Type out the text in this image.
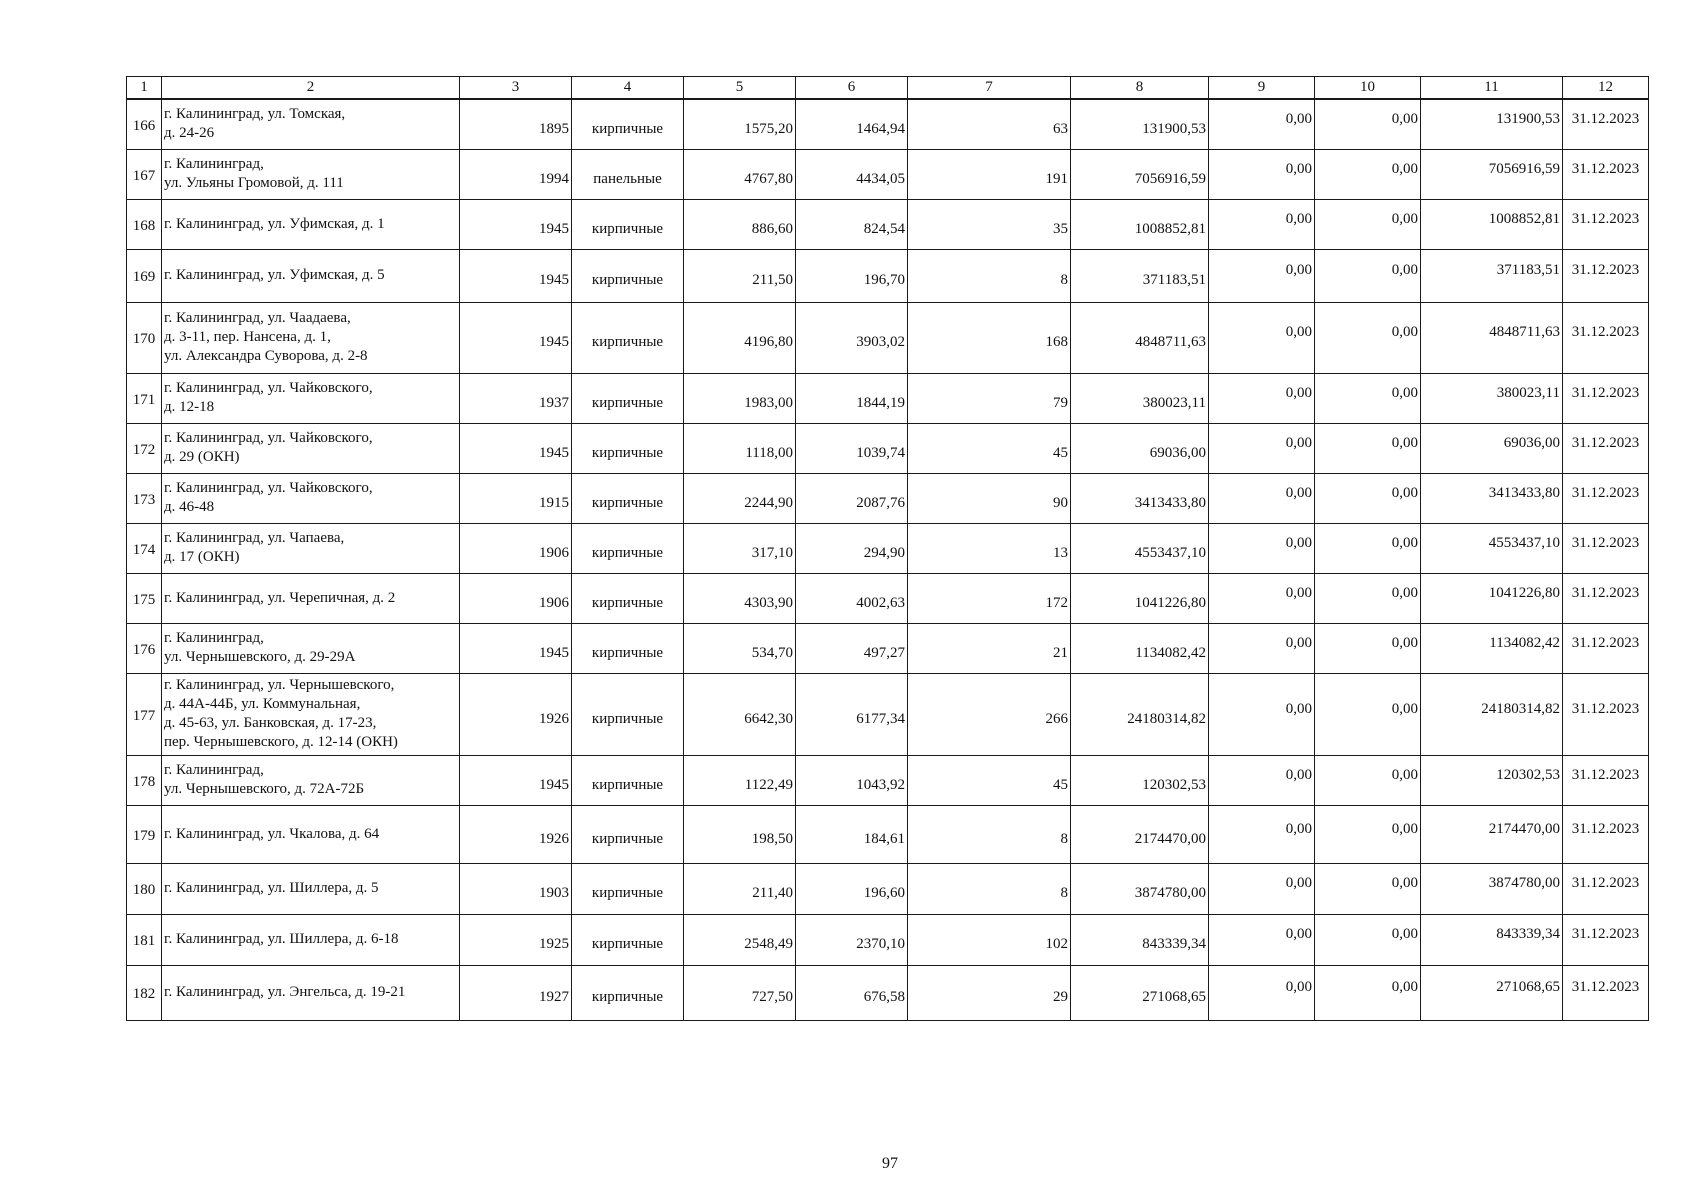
1	2	3	4	5	6	7	8	9	10	11	12
166	г. Калининград, ул. Томская,
д. 24-26	1895	кирпичные	1575,20	1464,94	63	131900,53	0,00	0,00	131900,53	31.12.2023
167	г. Калининград,
ул. Ульяны Громовой, д. 111	1994	панельные	4767,80	4434,05	191	7056916,59	0,00	0,00	7056916,59	31.12.2023
168	г. Калининград, ул. Уфимская, д. 1	1945	кирпичные	886,60	824,54	35	1008852,81	0,00	0,00	1008852,81	31.12.2023
169	г. Калининград, ул. Уфимская, д. 5	1945	кирпичные	211,50	196,70	8	371183,51	0,00	0,00	371183,51	31.12.2023
170	г. Калининград, ул. Чаадаева,
д. 3-11, пер. Нансена, д. 1,
ул. Александра Суворова, д. 2-8	1945	кирпичные	4196,80	3903,02	168	4848711,63	0,00	0,00	4848711,63	31.12.2023
171	г. Калининград, ул. Чайковского,
д. 12-18	1937	кирпичные	1983,00	1844,19	79	380023,11	0,00	0,00	380023,11	31.12.2023
172	г. Калининград, ул. Чайковского,
д. 29 (ОКН)	1945	кирпичные	1118,00	1039,74	45	69036,00	0,00	0,00	69036,00	31.12.2023
173	г. Калининград, ул. Чайковского,
д. 46-48	1915	кирпичные	2244,90	2087,76	90	3413433,80	0,00	0,00	3413433,80	31.12.2023
174	г. Калининград, ул. Чапаева,
д. 17 (ОКН)	1906	кирпичные	317,10	294,90	13	4553437,10	0,00	0,00	4553437,10	31.12.2023
175	г. Калининград, ул. Черепичная, д. 2	1906	кирпичные	4303,90	4002,63	172	1041226,80	0,00	0,00	1041226,80	31.12.2023
176	г. Калининград,
ул. Чернышевского, д. 29-29А	1945	кирпичные	534,70	497,27	21	1134082,42	0,00	0,00	1134082,42	31.12.2023
177	г. Калининград, ул. Чернышевского,
д. 44А-44Б, ул. Коммунальная,
д. 45-63, ул. Банковская, д. 17-23,
пер. Чернышевского, д. 12-14 (ОКН)	1926	кирпичные	6642,30	6177,34	266	24180314,82	0,00	0,00	24180314,82	31.12.2023
178	г. Калининград,
ул. Чернышевского, д. 72А-72Б	1945	кирпичные	1122,49	1043,92	45	120302,53	0,00	0,00	120302,53	31.12.2023
179	г. Калининград, ул. Чкалова, д. 64	1926	кирпичные	198,50	184,61	8	2174470,00	0,00	0,00	2174470,00	31.12.2023
180	г. Калининград, ул. Шиллера, д. 5	1903	кирпичные	211,40	196,60	8	3874780,00	0,00	0,00	3874780,00	31.12.2023
181	г. Калининград, ул. Шиллера, д. 6-18	1925	кирпичные	2548,49	2370,10	102	843339,34	0,00	0,00	843339,34	31.12.2023
182	г. Калининград, ул. Энгельса, д. 19-21	1927	кирпичные	727,50	676,58	29	271068,65	0,00	0,00	271068,65	31.12.2023
97
